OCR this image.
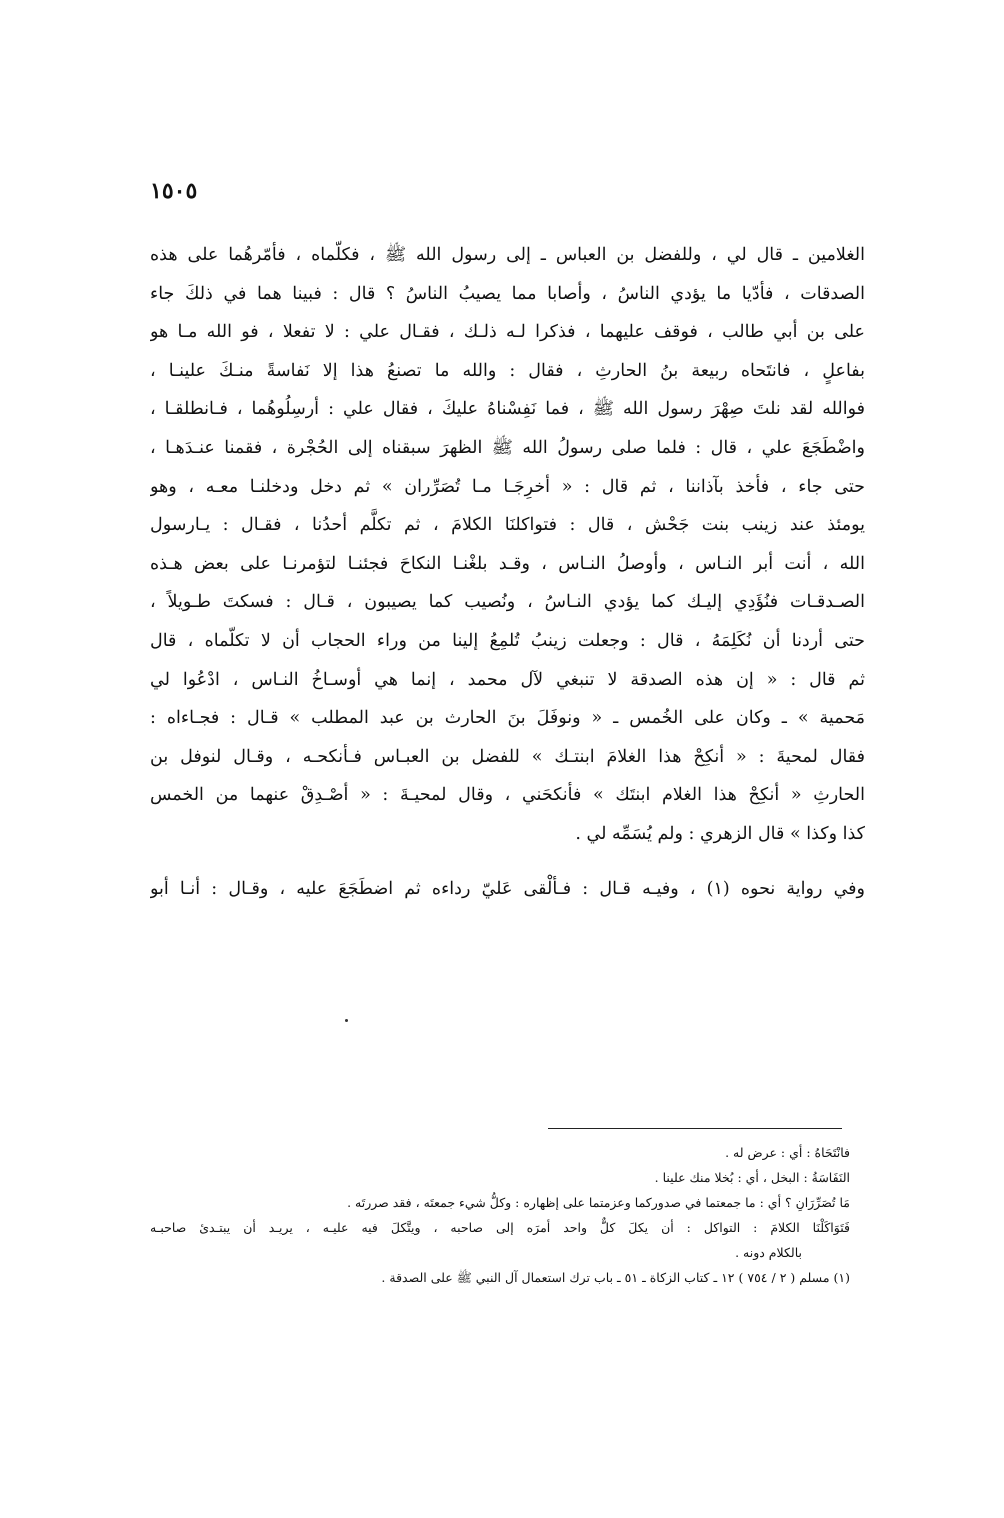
١٥٠٥

الغلامين ـ قال لي ، وللفضل بن العباس ـ إلى رسول الله ﷺ ، فكلّماه ، فأمّرهُما على هذه
الصدقات ، فأدّيا ما يؤدي الناسُ ، وأصابا مما يصيبُ الناسُ ؟ قال : فبينا هما في ذلكَ جاء
على بن أبي طالب ، فوقف عليهما ، فذكرا لـه ذلـك ، فقـال علي : لا تفعلا ، فو الله مـا هو
بفاعلٍ ، فانتَحاه ربيعة بنُ الحارثِ ، فقال : والله ما تصنعُ هذا إلا نَفاسةً منـكَ علينـا ،
فوالله لقد نلتَ صِهْرَ رسول الله ﷺ ، فما نَفِسْناهُ عليكَ ، فقال علي : أرسِلُوهُما ، فـانطلقـا ،
واضْطَجَعَ علي ، قال : فلما صلى رسولُ الله ﷺ الظهرَ سبقناه إلى الحُجْرة ، فقمنا عنـدَهـا ،
حتى جاء ، فأخذ بآذاننا ، ثم قال : « أخرِجَـا مـا تُصَرِّران » ثم دخل ودخلنـا معـه ، وهو
يومئذ عند زينب بنت جَحْش ، قال : فتواكلنَا الكلامَ ، ثم تكلَّم أحدُنا ، فقـال : يـارسول
الله ، أنت أبر النـاس ، وأوصلُ النـاس ، وقـد بلغْنـا النكاحَ فجئنـا لتؤمرنـا على بعض هـذه
الصـدقـات فنُؤَدِي إليـك كما يؤدي النـاسُ ، ونُصيب كما يصيبون ، قـال : فسكتَ طـويلاً ،
حتى أردنا أن نُكَلِمَهُ ، قال : وجعلت زينبُ تُلمِعُ إلينا من وراء الحجاب أن لا تكلّماه ، قال
ثم قال : « إن هذه الصدقة لا تنبغي لآل محمد ، إنما هي أوسـاخُ النـاس ، ادْعُوا لي
مَحمية » ـ وكان على الخُمس ـ « ونوفَلَ بنَ الحارث بن عبد المطلب » قـال : فجـاءاه :
فقال لمحيةَ : « أنكِحْ هذا الغلامَ ابنتـك » للفضل بن العبـاس فـأنكحـه ، وقـال لنوفل بن
الحارثِ « أنكِحْ هذا الغلام ابنتَك » فأنكحَني ، وقال لمحيـةَ : « أصْـدِقْ عنهما من الخمس
كذا وكذا » قال الزهري : ولم يُسَمِّه لي .

وفي رواية نحوه (١) ، وفيـه قـال : فـألْقى عَليّ رداءه ثم اضطَجَعَ عليه ، وقـال : أنـا أبو

فانْتَحَاهُ : أي : عرض له .
النَفَاسَةُ : البخل ، أي : بُخلا منك علينا .
مَا تُصَرِّرَانِ ؟ أي : ما جمعتما في صدوركما وعزمتما على إظهاره : وكلُّ شيء جمعتَه ، فقد صررتَه .
فَتَوَاكَلْنَا الكلامَ : التواكل : أن يكلَ كلٌّ واحد أمرَه إلى صاحبه ، ويتَّكلَ فيه عليـه ، يريـد أن يبتـدئ صاحبـه
بالكلام دونه .
(١) مسلم ( ٢ / ٧٥٤ ) ١٢ ـ كتاب الزكاة ـ ٥١ ـ باب ترك استعمال آل النبي ﷺ على الصدقة .
